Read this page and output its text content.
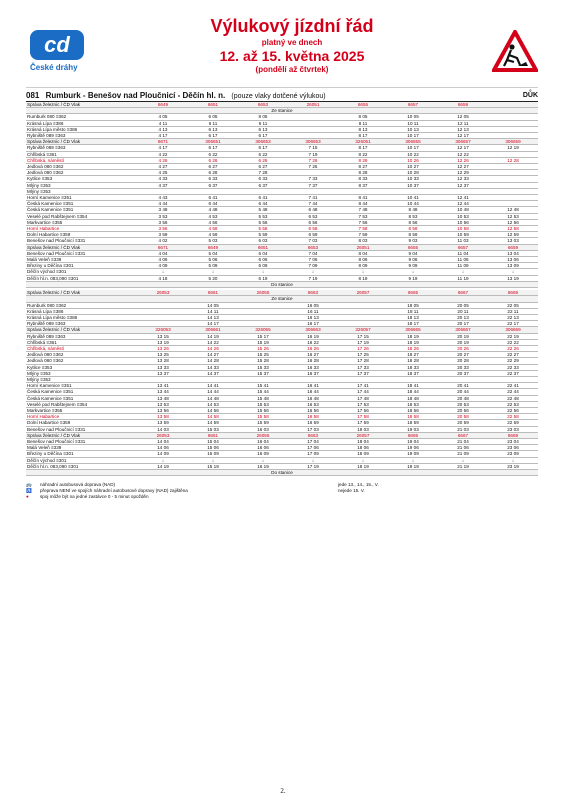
cd
České dráhy
Výlukový jízdní řád
platný ve dnech
12. až 15. května 2025
(pondělí až čtvrtek)
081 Rumburk - Benešov nad Ploučnicí - Děčín hl. n. (pouze vlaky dotčené výlukou)	DŮK
Správa železnic / ČD Vlak		6649	6651	6653	26051	6655	6657	6659	
Ze stanice									
Rumburk 080 ≡362		4 05	6 05	8 05		8 05	10 05	12 05	
Krásná Lípa ≡386		4 11	6 11	6 11		8 11	10 11	12 11	
Krásná Lípa město ≡386		4 13	6 13	6 13		8 13	10 13	12 13	
Rybniště 089 ≡363		4 17	6 17	6 17		8 17	10 17	12 17	
Správa železnic / ČD Vlak		6671	306651	306653	306653	326051	306655	306657	306659
Rybniště 089 ≡363		4 17	6 17	6 17	7 15	8 17	10 17	12 17	12 19
Chřibská ≡361		4 22	6 22	6 22	7 19	8 22	10 22	12 22	
Chřibská, náměstí		4 26	6 26	6 26	7 26	8 26	10 26	12 26	12 28
Jedlová 080 ≡362		4 27	6 27	6 27	7 25	8 27	10 27	12 27	
Jedlová 080 ≡362		4 25	6 28	7 28		8 28	10 28	12 29	
Kytlice ≡353		4 33	6 33	6 33	7 33	8 33	10 33	12 33	
Mlýny ≡353		4 37	6 37	6 37	7 37	8 37	10 37	12 37	
Mlýny ≡353									
Horní Kamenice ≡351		4 43	6 41	6 41	7 41	8 41	10 41	12 41	
Česká Kamenice ≡351		4 44	6 44	6 44	7 44	8 44	10 44	12 44	
Česká Kamenice ≡351		3 48	4 48	5 48	6 48	7 48	8 48	10 48	12 48
Veselé pod Rabštejnem ≡354		3 53	4 53	5 53	6 53	7 53	8 53	10 53	12 53
Markvartice ≡355		3 56	4 56	5 56	6 56	7 56	8 56	10 56	12 56
Horní Habartice		3 56	4 58	5 58	6 58	7 58	8 58	10 58	12 58
Dolní Habartice ≡359		3 59	4 59	5 59	6 59	7 59	8 59	10 59	12 59
Benešov nad Ploučnicí ≡331		4 02	5 03	6 03	7 03	8 03	9 03	11 03	13 03
Správa železnic / ČD Vlak		6671	6649	6651	6653	26051	6655	6657	6659
Benešov nad Ploučnicí ≡331		4 04	5 04	6 04	7 04	8 04	9 04	11 04	13 04
Malá Veleň ≡339		4 06	5 06	6 06	7 06	8 06	9 06	11 06	13 06
Březiny u Děčína ≡301		4 09	5 09	6 09	7 09	8 09	9 09	11 09	13 09
Děčín východ ≡301		↓	↓	↓	↓	↓	↓	↓	↓
Děčín hl.n. 083,090 ≡301		4 18	5 20	6 19	7 19	8 19	9 19	11 19	13 19
Do stanice									
Správa železnic / ČD Vlak		26053	6661	26055	6663	26057	6665	6667	6669
Ze stanice									
Rumburk 080 ≡362			14 05		16 05		18 05	20 05	22 05
Krásná Lípa ≡386			14 11		16 11		18 11	20 11	22 11
Krásná Lípa město ≡386			14 13		16 13		18 13	20 13	22 13
Rybniště 089 ≡363			14 17		16 17		18 17	20 17	22 17
Správa železnic / ČD Vlak		326053	306661	326055	306663	326057	306665	306667	306669
Rybniště 089 ≡363		13 15	14 19	15 17	16 19	17 15	18 19	20 19	22 19
Chřibská ≡361		13 19	14 22	15 19	16 22	17 19	18 19	20 19	22 22
Chřibská, náměstí		13 26	14 26	15 26	16 26	17 26	18 26	20 26	22 26
Jedlová 080 ≡362		13 25	14 27	15 25	16 27	17 25	18 27	20 27	22 27
Jedlová 080 ≡362		13 28	14 28	15 28	16 28	17 28	18 28	20 28	22 29
Kytlice ≡353		13 33	14 33	15 33	16 33	17 33	18 33	20 33	22 33
Mlýny ≡353		13 37	14 37	15 37	16 37	17 37	18 37	20 37	22 37
Mlýny ≡353									
Horní Kamenice ≡351		13 41	14 41	15 41	16 41	17 41	18 41	20 41	22 41
Česká Kamenice ≡351		13 44	14 44	15 44	16 44	17 44	18 44	20 44	22 44
Česká Kamenice ≡351		13 48	14 48	15 48	16 48	17 48	18 48	20 48	22 48
Veselé pod Rabštejnem ≡354		13 53	14 53	15 53	16 53	17 53	18 53	20 53	22 53
Markvartice ≡355		13 56	14 56	15 56	16 56	17 56	18 56	20 56	22 56
Horní Habartice		13 58	14 58	15 58	16 58	17 58	18 58	20 58	22 58
Dolní Habartice ≡359		13 59	14 59	15 59	16 59	17 59	18 59	20 59	22 59
Benešov nad Ploučnicí ≡331		14 03	15 03	16 03	17 03	18 03	19 03	21 03	23 03
Správa železnic / ČD Vlak		26053	6661	26055	6663	26057	6665	6667	6669
Benešov nad Ploučnicí ≡331		14 04	15 04	16 04	17 04	18 04	19 04	21 04	23 04
Malá Veleň ≡339		14 06	15 06	16 06	17 06	18 06	19 06	21 06	23 06
Březiny u Děčína ≡301		14 09	15 09	16 09	17 09	18 09	19 09	21 09	23 09
Děčín východ ≡301		↓	↓	↓	↓	↓	↓	↓	↓
Děčín hl.n. 083,090 ≡301		14 19	15 19	16 19	17 19	18 19	19 19	21 19	23 19
Do stanice									
🚌	náhradní autobusová doprava (NAD)	jede 13., 14., 15., V.
♿	přeprava NENÍ ve spojích náhradní autobusové dopravy (NAD) zajištěna	nejede 15. V.
●	spoj může být na jedné zastávce 0 - 5 minut opožděn
2.
